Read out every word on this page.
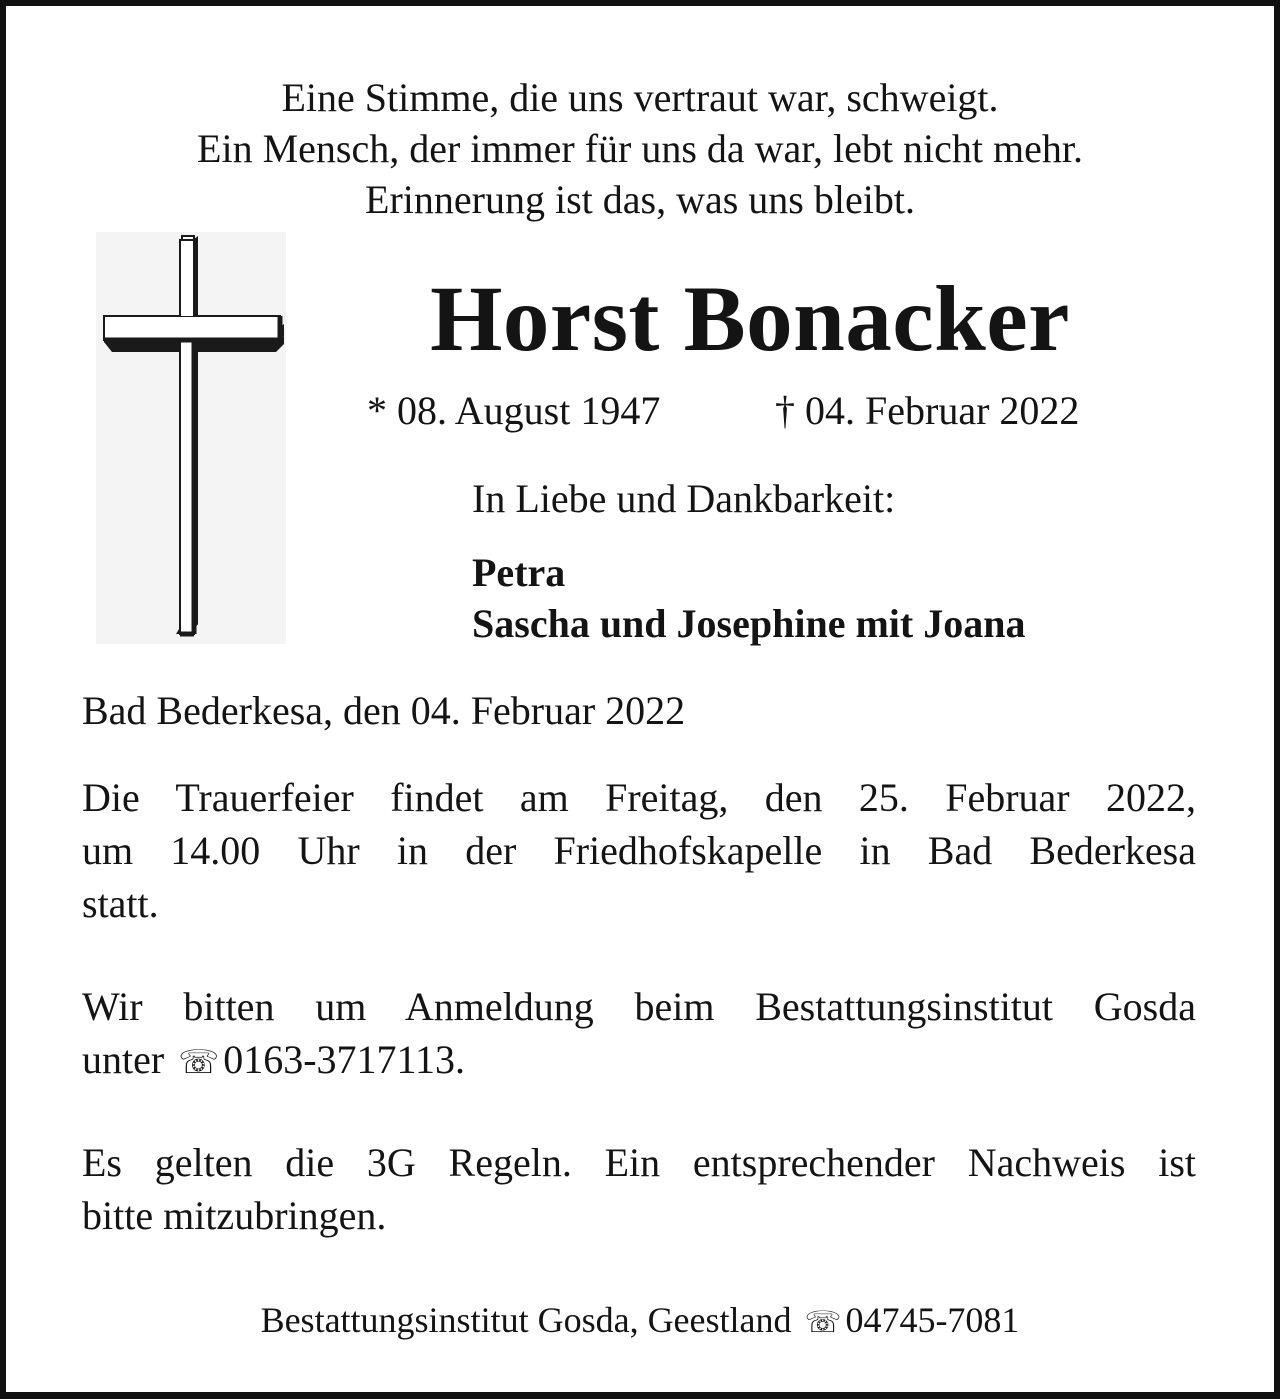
Eine Stimme, die uns vertraut war, schweigt.
Ein Mensch, der immer für uns da war, lebt nicht mehr.
Erinnerung ist das, was uns bleibt.
Horst Bonacker
* 08. August 1947	† 04. Februar 2022
In Liebe und Dankbarkeit:
Petra
Sascha und Josephine mit Joana
Bad Bederkesa, den 04. Februar 2022
Die Trauerfeier findet am Freitag, den 25. Februar 2022,
um 14.00 Uhr in der Friedhofskapelle in Bad Bederkesa
statt.
Wir bitten um Anmeldung beim Bestattungsinstitut Gosda
unter ☏ 0163-3717113.
Es gelten die 3G Regeln. Ein entsprechender Nachweis ist
bitte mitzubringen.
Bestattungsinstitut Gosda, Geestland ☏ 04745-7081
